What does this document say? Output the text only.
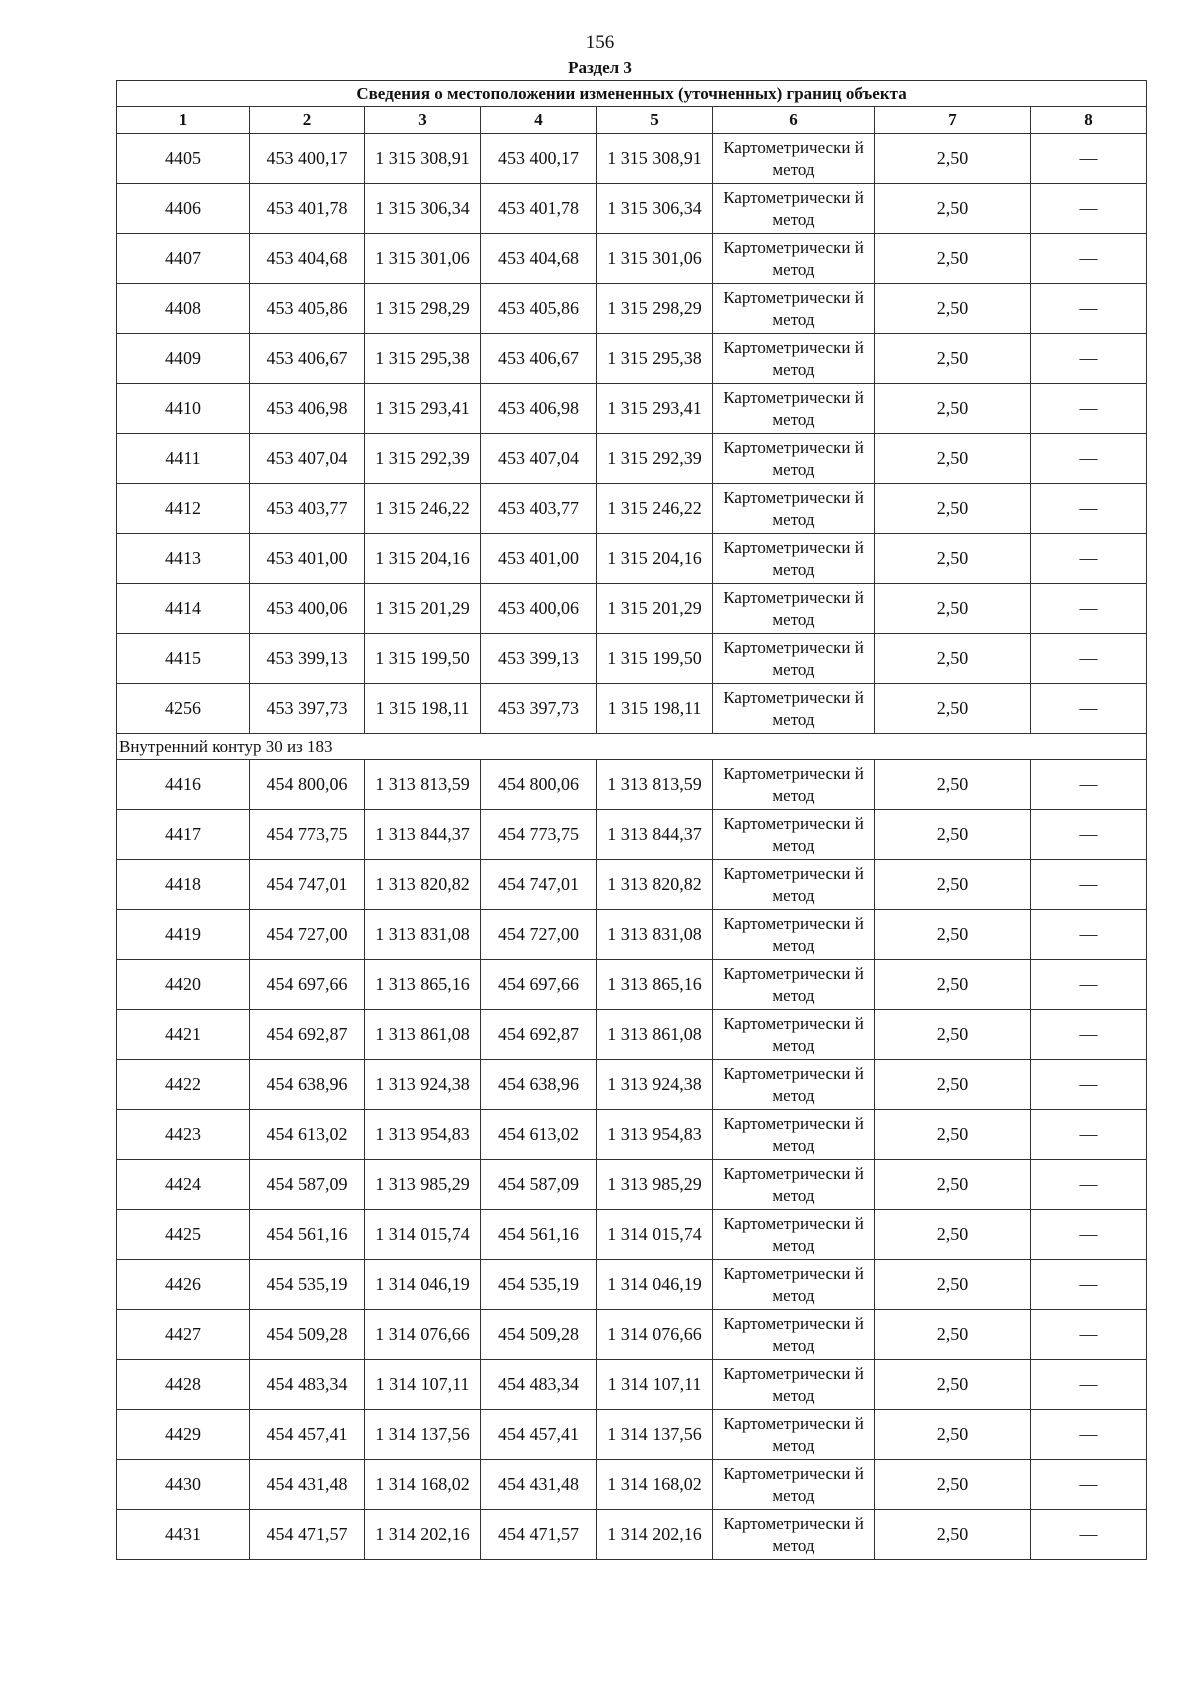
156
Раздел 3
Сведения о местоположении измененных (уточненных) границ объекта							
1	2	3	4	5	6	7	8
4405	453 400,17	1 315 308,91	453 400,17	1 315 308,91	Картометрически й метод	2,50	—
4406	453 401,78	1 315 306,34	453 401,78	1 315 306,34	Картометрически й метод	2,50	—
4407	453 404,68	1 315 301,06	453 404,68	1 315 301,06	Картометрически й метод	2,50	—
4408	453 405,86	1 315 298,29	453 405,86	1 315 298,29	Картометрически й метод	2,50	—
4409	453 406,67	1 315 295,38	453 406,67	1 315 295,38	Картометрически й метод	2,50	—
4410	453 406,98	1 315 293,41	453 406,98	1 315 293,41	Картометрически й метод	2,50	—
4411	453 407,04	1 315 292,39	453 407,04	1 315 292,39	Картометрически й метод	2,50	—
4412	453 403,77	1 315 246,22	453 403,77	1 315 246,22	Картометрически й метод	2,50	—
4413	453 401,00	1 315 204,16	453 401,00	1 315 204,16	Картометрически й метод	2,50	—
4414	453 400,06	1 315 201,29	453 400,06	1 315 201,29	Картометрически й метод	2,50	—
4415	453 399,13	1 315 199,50	453 399,13	1 315 199,50	Картометрически й метод	2,50	—
4256	453 397,73	1 315 198,11	453 397,73	1 315 198,11	Картометрически й метод	2,50	—
Внутренний контур 30 из 183							
4416	454 800,06	1 313 813,59	454 800,06	1 313 813,59	Картометрически й метод	2,50	—
4417	454 773,75	1 313 844,37	454 773,75	1 313 844,37	Картометрически й метод	2,50	—
4418	454 747,01	1 313 820,82	454 747,01	1 313 820,82	Картометрически й метод	2,50	—
4419	454 727,00	1 313 831,08	454 727,00	1 313 831,08	Картометрически й метод	2,50	—
4420	454 697,66	1 313 865,16	454 697,66	1 313 865,16	Картометрически й метод	2,50	—
4421	454 692,87	1 313 861,08	454 692,87	1 313 861,08	Картометрически й метод	2,50	—
4422	454 638,96	1 313 924,38	454 638,96	1 313 924,38	Картометрически й метод	2,50	—
4423	454 613,02	1 313 954,83	454 613,02	1 313 954,83	Картометрически й метод	2,50	—
4424	454 587,09	1 313 985,29	454 587,09	1 313 985,29	Картометрически й метод	2,50	—
4425	454 561,16	1 314 015,74	454 561,16	1 314 015,74	Картометрически й метод	2,50	—
4426	454 535,19	1 314 046,19	454 535,19	1 314 046,19	Картометрически й метод	2,50	—
4427	454 509,28	1 314 076,66	454 509,28	1 314 076,66	Картометрически й метод	2,50	—
4428	454 483,34	1 314 107,11	454 483,34	1 314 107,11	Картометрически й метод	2,50	—
4429	454 457,41	1 314 137,56	454 457,41	1 314 137,56	Картометрически й метод	2,50	—
4430	454 431,48	1 314 168,02	454 431,48	1 314 168,02	Картометрически й метод	2,50	—
4431	454 471,57	1 314 202,16	454 471,57	1 314 202,16	Картометрически й метод	2,50	—
